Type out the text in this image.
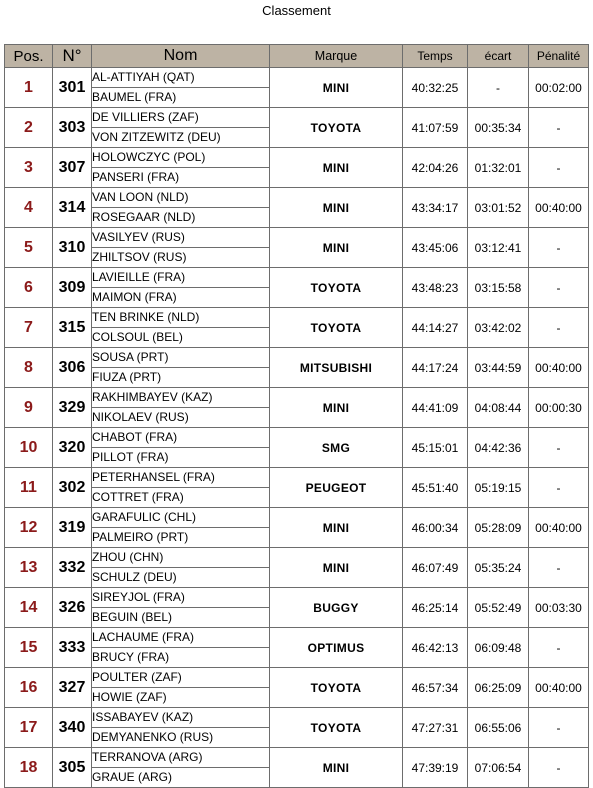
Classement
Pos.	N°	Nom	Marque	Temps	écart	Pénalité
1	301	AL-ATTIYAH (QAT)	MINI	40:32:25	-	00:02:00
		BAUMEL (FRA)				
2	303	DE VILLIERS (ZAF)	TOYOTA	41:07:59	00:35:34	-
		VON ZITZEWITZ (DEU)				
3	307	HOLOWCZYC (POL)	MINI	42:04:26	01:32:01	-
		PANSERI (FRA)				
4	314	VAN LOON (NLD)	MINI	43:34:17	03:01:52	00:40:00
		ROSEGAAR (NLD)				
5	310	VASILYEV (RUS)	MINI	43:45:06	03:12:41	-
		ZHILTSOV (RUS)				
6	309	LAVIEILLE (FRA)	TOYOTA	43:48:23	03:15:58	-
		MAIMON (FRA)				
7	315	TEN BRINKE (NLD)	TOYOTA	44:14:27	03:42:02	-
		COLSOUL (BEL)				
8	306	SOUSA (PRT)	MITSUBISHI	44:17:24	03:44:59	00:40:00
		FIUZA (PRT)				
9	329	RAKHIMBAYEV (KAZ)	MINI	44:41:09	04:08:44	00:00:30
		NIKOLAEV (RUS)				
10	320	CHABOT (FRA)	SMG	45:15:01	04:42:36	-
		PILLOT (FRA)				
11	302	PETERHANSEL (FRA)	PEUGEOT	45:51:40	05:19:15	-
		COTTRET (FRA)				
12	319	GARAFULIC (CHL)	MINI	46:00:34	05:28:09	00:40:00
		PALMEIRO (PRT)				
13	332	ZHOU (CHN)	MINI	46:07:49	05:35:24	-
		SCHULZ (DEU)				
14	326	SIREYJOL (FRA)	BUGGY	46:25:14	05:52:49	00:03:30
		BEGUIN (BEL)				
15	333	LACHAUME (FRA)	OPTIMUS	46:42:13	06:09:48	-
		BRUCY (FRA)				
16	327	POULTER (ZAF)	TOYOTA	46:57:34	06:25:09	00:40:00
		HOWIE (ZAF)				
17	340	ISSABAYEV (KAZ)	TOYOTA	47:27:31	06:55:06	-
		DEMYANENKO (RUS)				
18	305	TERRANOVA (ARG)	MINI	47:39:19	07:06:54	-
		GRAUE (ARG)				
